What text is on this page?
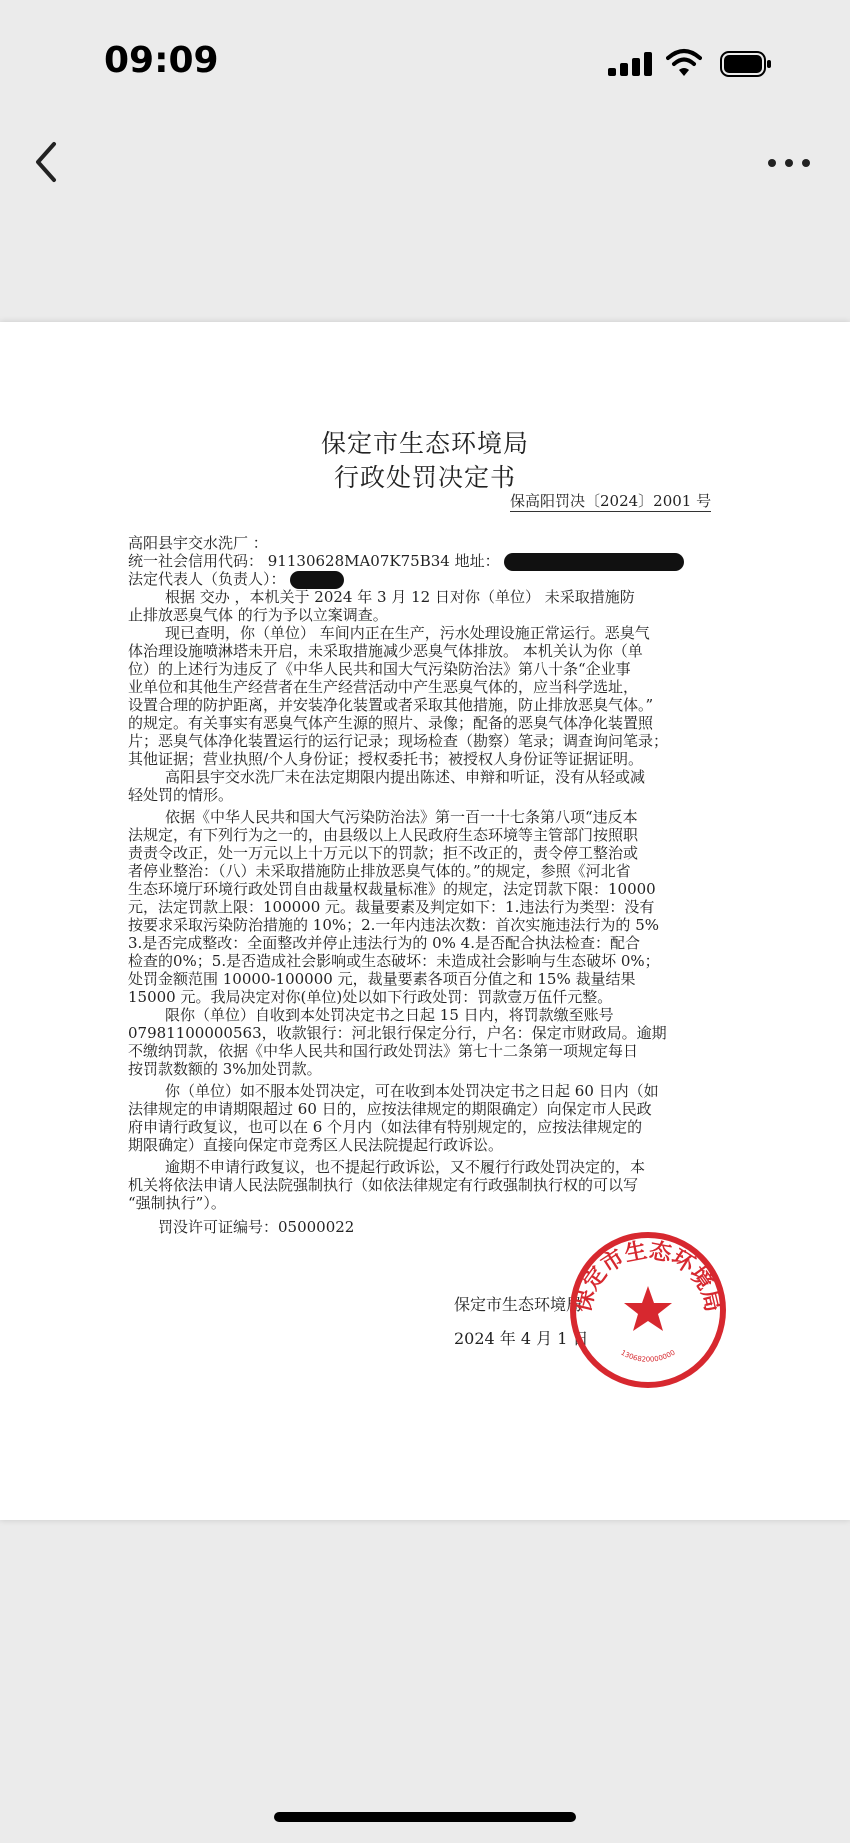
09:09
保定市生态环境局
行政处罚决定书
保高阳罚决〔2024〕2001 号
高阳县宇交水洗厂 ：
统一社会信用代码： 91130628MA07K75B34 地址：
法定代表人（负责人）：
根据 交办 ，本机关于 2024 年 3 月 12 日对你（单位） 未采取措施防
止排放恶臭气体 的行为予以立案调查。
现已查明，你（单位） 车间内正在生产，污水处理设施正常运行。恶臭气
体治理设施喷淋塔未开启，未采取措施减少恶臭气体排放。 本机关认为你（单
位）的上述行为违反了《中华人民共和国大气污染防治法》第八十条“企业事
业单位和其他生产经营者在生产经营活动中产生恶臭气体的，应当科学选址，
设置合理的防护距离，并安装净化装置或者采取其他措施，防止排放恶臭气体。”
的规定。有关事实有恶臭气体产生源的照片、录像；配备的恶臭气体净化装置照
片；恶臭气体净化装置运行的运行记录；现场检查（勘察）笔录；调查询问笔录；
其他证据；营业执照/个人身份证；授权委托书；被授权人身份证等证据证明。
高阳县宇交水洗厂未在法定期限内提出陈述、申辩和听证，没有从轻或减
轻处罚的情形。
依据《中华人民共和国大气污染防治法》第一百一十七条第八项“违反本
法规定，有下列行为之一的，由县级以上人民政府生态环境等主管部门按照职
责责令改正，处一万元以上十万元以下的罚款；拒不改正的，责令停工整治或
者停业整治：（八）未采取措施防止排放恶臭气体的。”的规定，参照《河北省
生态环境厅环境行政处罚自由裁量权裁量标准》的规定，法定罚款下限：10000
元，法定罚款上限：100000 元。裁量要素及判定如下：1.违法行为类型：没有
按要求采取污染防治措施的 10%；2.一年内违法次数：首次实施违法行为的 5%
3.是否完成整改：全面整改并停止违法行为的 0% 4.是否配合执法检查：配合
检查的0%；5.是否造成社会影响或生态破坏：未造成社会影响与生态破坏 0%；
处罚金额范围 10000-100000 元，裁量要素各项百分值之和 15% 裁量结果
15000 元。我局决定对你(单位)处以如下行政处罚：罚款壹万伍仟元整。
限你（单位）自收到本处罚决定书之日起 15 日内，将罚款缴至账号
07981100000563，收款银行：河北银行保定分行，户名：保定市财政局。逾期
不缴纳罚款，依据《中华人民共和国行政处罚法》第七十二条第一项规定每日
按罚款数额的 3%加处罚款。
你（单位）如不服本处罚决定，可在收到本处罚决定书之日起 60 日内（如
法律规定的申请期限超过 60 日的，应按法律规定的期限确定）向保定市人民政
府申请行政复议，也可以在 6 个月内（如法律有特别规定的，应按法律规定的
期限确定）直接向保定市竞秀区人民法院提起行政诉讼。
逾期不申请行政复议，也不提起行政诉讼，又不履行行政处罚决定的，本
机关将依法申请人民法院强制执行（如依法律规定有行政强制执行权的可以写
“强制执行”）。
罚没许可证编号：05000022
保定市生态环境局
2024 年 4 月 1 日
保定市生态环境局
1306820000000
